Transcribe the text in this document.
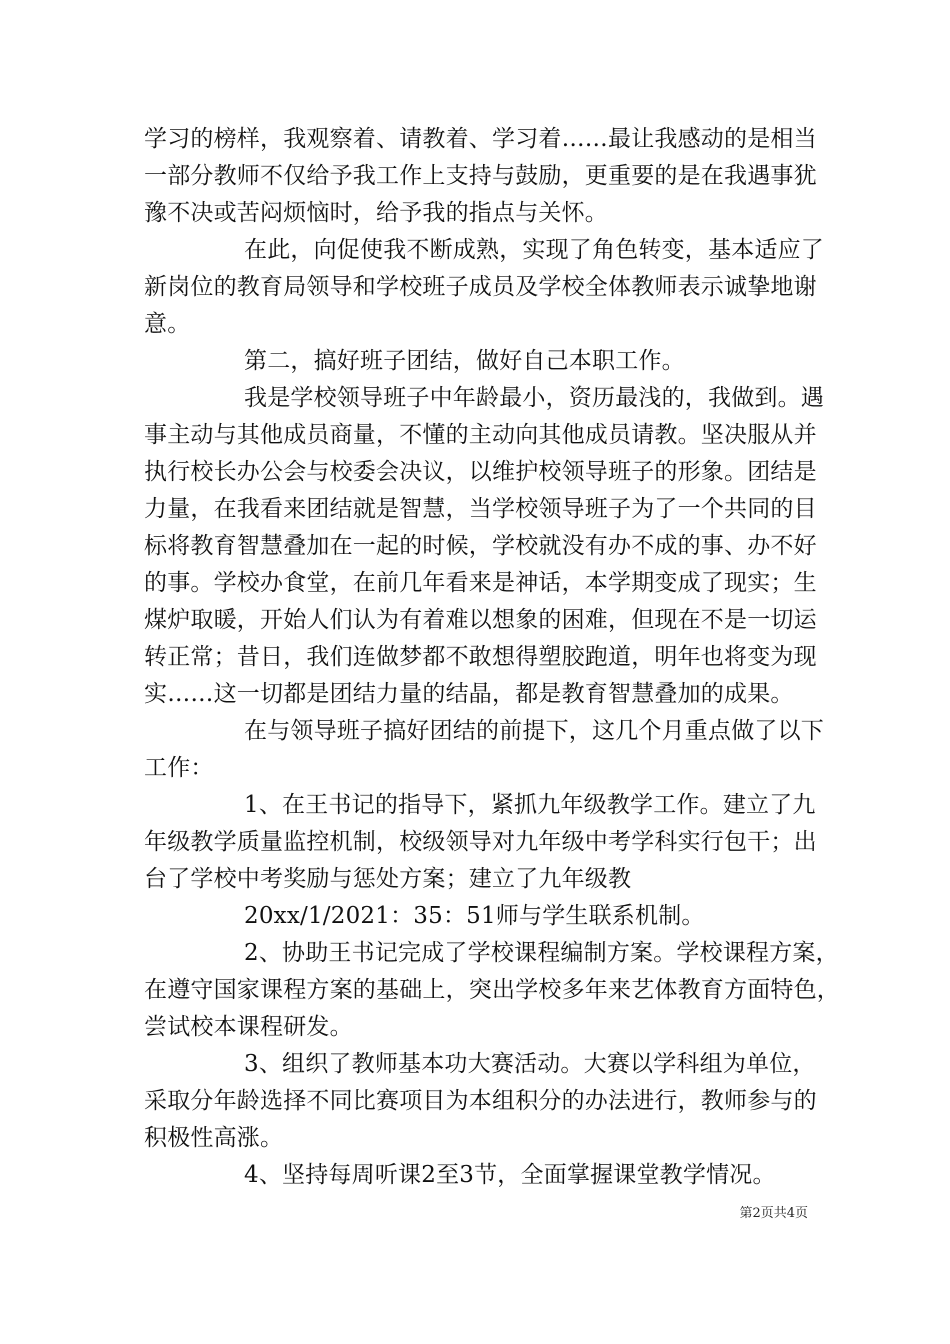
学习的榜样，我观察着、请教着、学习着……最让我感动的是相当
一部分教师不仅给予我工作上支持与鼓励，更重要的是在我遇事犹
豫不决或苦闷烦恼时，给予我的指点与关怀。
在此，向促使我不断成熟，实现了角色转变，基本适应了
新岗位的教育局领导和学校班子成员及学校全体教师表示诚挚地谢
意。
第二，搞好班子团结，做好自己本职工作。
我是学校领导班子中年龄最小，资历最浅的，我做到。遇
事主动与其他成员商量，不懂的主动向其他成员请教。坚决服从并
执行校长办公会与校委会决议，以维护校领导班子的形象。团结是
力量，在我看来团结就是智慧，当学校领导班子为了一个共同的目
标将教育智慧叠加在一起的时候，学校就没有办不成的事、办不好
的事。学校办食堂，在前几年看来是神话，本学期变成了现实；生
煤炉取暖，开始人们认为有着难以想象的困难，但现在不是一切运
转正常；昔日，我们连做梦都不敢想得塑胶跑道，明年也将变为现
实……这一切都是团结力量的结晶，都是教育智慧叠加的成果。
在与领导班子搞好团结的前提下，这几个月重点做了以下
工作：
1、在王书记的指导下，紧抓九年级教学工作。建立了九
年级教学质量监控机制，校级领导对九年级中考学科实行包干；出
台了学校中考奖励与惩处方案；建立了九年级教
20xx/1/2021：35：51师与学生联系机制。
2、协助王书记完成了学校课程编制方案。学校课程方案，
在遵守国家课程方案的基础上，突出学校多年来艺体教育方面特色，
尝试校本课程研发。
3、组织了教师基本功大赛活动。大赛以学科组为单位，
采取分年龄选择不同比赛项目为本组积分的办法进行，教师参与的
积极性高涨。
4、坚持每周听课2至3节，全面掌握课堂教学情况。
第2页共4页
